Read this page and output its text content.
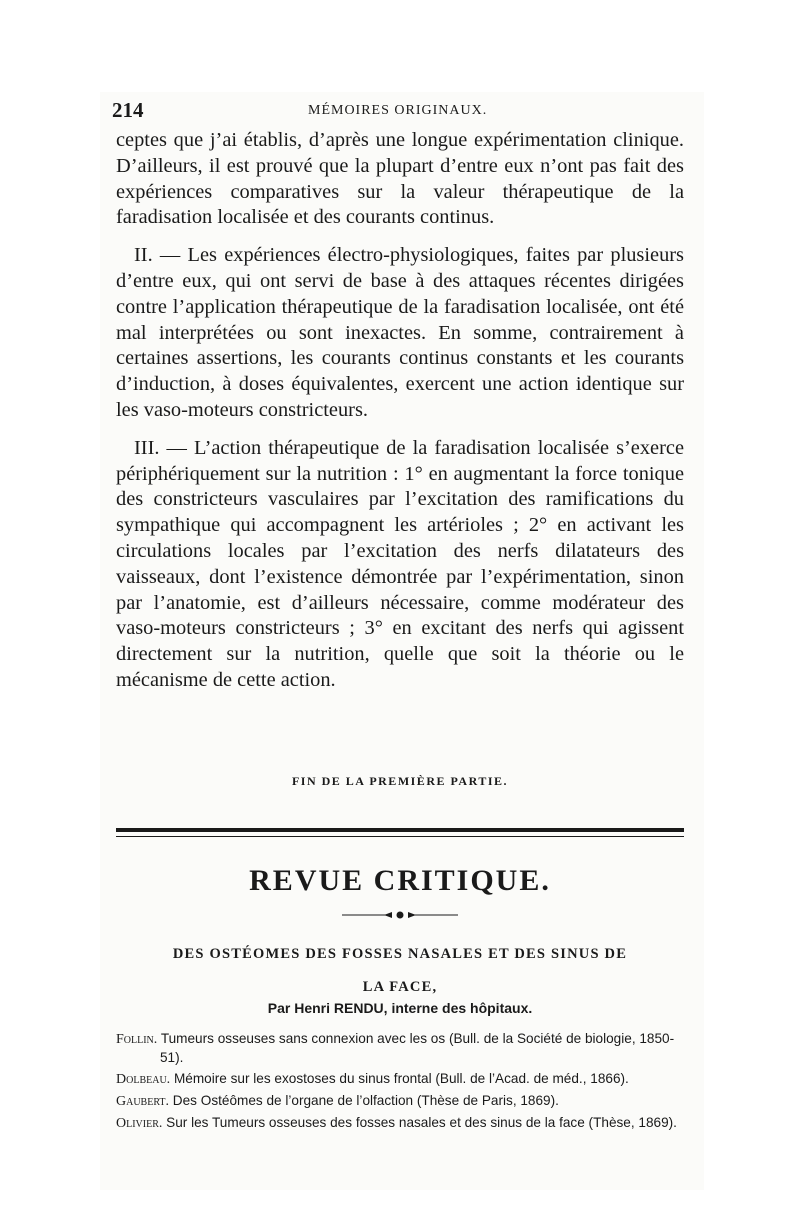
214	MÉMOIRES ORIGINAUX.

ceptes que j’ai établis, d’après une longue expérimentation clinique. D’ailleurs, il est prouvé que la plupart d’entre eux n’ont pas fait des expériences comparatives sur la valeur thérapeutique de la faradisation localisée et des courants continus.

II. — Les expériences électro-physiologiques, faites par plusieurs d’entre eux, qui ont servi de base à des attaques récentes dirigées contre l’application thérapeutique de la faradisation localisée, ont été mal interprétées ou sont inexactes. En somme, contrairement à certaines assertions, les courants continus constants et les courants d’induction, à doses équivalentes, exercent une action identique sur les vaso-moteurs constricteurs.

III. — L’action thérapeutique de la faradisation localisée s’exerce périphériquement sur la nutrition : 1° en augmentant la force tonique des constricteurs vasculaires par l’excitation des ramifications du sympathique qui accompagnent les artérioles ; 2° en activant les circulations locales par l’excitation des nerfs dilatateurs des vaisseaux, dont l’existence démontrée par l’expérimentation, sinon par l’anatomie, est d’ailleurs nécessaire, comme modérateur des vaso-moteurs constricteurs ; 3° en excitant des nerfs qui agissent directement sur la nutrition, quelle que soit la théorie ou le mécanisme de cette action.

FIN DE LA PREMIÈRE PARTIE.
REVUE CRITIQUE.
DES OSTÉOMES DES FOSSES NASALES ET DES SINUS DE
LA FACE,
Par Henri RENDU, interne des hôpitaux.

Follin. Tumeurs osseuses sans connexion avec les os (Bull. de la Société de biologie, 1850-51).

Dolbeau. Mémoire sur les exostoses du sinus frontal (Bull. de l’Acad. de méd., 1866).

Gaubert. Des Ostéômes de l’organe de l’olfaction (Thèse de Paris, 1869).

Olivier. Sur les Tumeurs osseuses des fosses nasales et des sinus de la face (Thèse, 1869).
